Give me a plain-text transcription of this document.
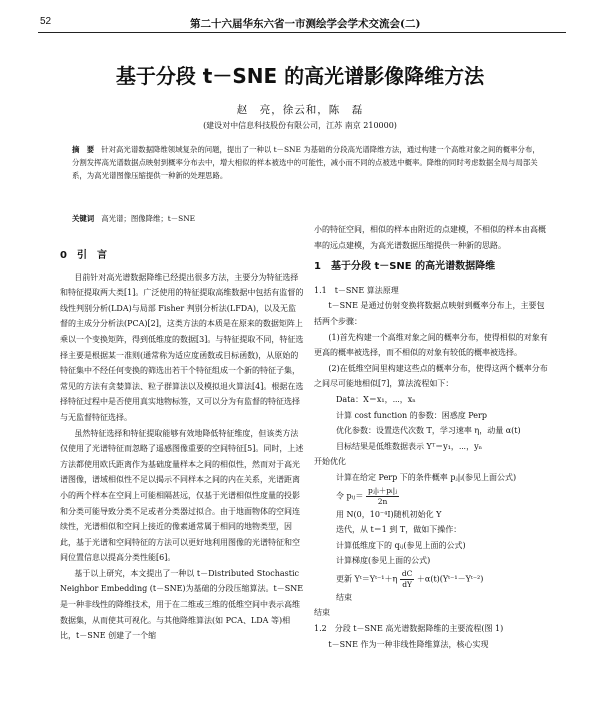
52	第二十六届华东六省一市测绘学会学术交流会(二)
基于分段 t－SNE 的高光谱影像降维方法
赵　亮，徐云和，陈　磊
(建设对中信息科技股份有限公司，江苏 南京 210000)
摘　要 针对高光谱数据降维领域复杂的问题，提出了一种以 t－SNE 为基础的分段高光谱降维方法，通过构建一个高维对象之间的概率分布，分割发挥高光谱数据点映射到概率分布去中，增大相似的样本被选中的可能性，减小而不同的点被选中概率。降维的同时考虑数据全局与局部关系，为高光谱图像压缩提供一种新的处理思路。
关键词 高光谱；图像降维；t－SNE
0　引　言

目前针对高光谱数据降维已经提出很多方法，主要分为特征选择和特征提取两大类[1]。广泛使用的特征提取高维数据中包括有监督的线性判别分析(LDA)与局部 Fisher 判别分析法(LFDA)，以及无监督的主成分分析法(PCA)[2]，这类方法的本质是在原来的数据矩阵上乘以一个变换矩阵，得到低维度的数据[3]。与特征提取不同，特征选择主要是根据某一准则(通常称为适应度函数或目标函数)，从原始的特征集中不经任何变换的筛选出若干个特征组成一个新的特征子集，常见的方法有贪婪算法、粒子群算法以及模拟退火算法[4]。根据在选择特征过程中是否使用真实地物标签，又可以分为有监督的特征选择与无监督特征选择。

虽然特征选择和特征提取能够有效地降低特征维度，但该类方法仅使用了光谱特征而忽略了遥感图像重要的空间特征[5]。同时，上述方法都使用欧氏距离作为基础度量样本之间的相似性，然而对于高光谱图像，谱域相似性不足以揭示不同样本之间的内在关系，光谱距离小的两个样本在空间上可能相隔甚远，仅基于光谱相似性度量的投影和分类可能导致分类不足或者分类器过拟合。由于地面物体的空间连续性，光谱相似和空间上接近的像素通常属于相同的地物类型，因此，基于光谱和空间特征的方法可以更好地利用图像的光谱特征和空间位置信息以提高分类性能[6]。

基于以上研究，本文提出了一种以 t－Distributed Stochastic Neighbor Embedding (t－SNE)为基础的分段压缩算法。t－SNE 是一种非线性的降维技术，用于在二维或三维的低维空间中表示高维数据集，从而使其可视化。与其他降维算法(如 PCA、LDA 等)相比，t－SNE 创建了一个缩

小的特征空间，相似的样本由附近的点建模，不相似的样本由高概率的远点建模，为高光谱数据压缩提供一种新的思路。

1　基于分段 t－SNE 的高光谱数据降维

1.1　t－SNE 算法原理

t－SNE 是通过仿射变换将数据点映射到概率分布上，主要包括两个步骤：

(1)首先构建一个高维对象之间的概率分布，使得相似的对象有更高的概率被选择，而不相似的对象有较低的概率被选择。

(2)在低维空间里构建这些点的概率分布，使得这两个概率分布之间尽可能地相似[7]，算法流程如下：

Data：X＝x₁，⋯，xₙ

计算 cost function 的参数：困惑度 Perp

优化参数：设置迭代次数 T，学习速率 η，动量 α(t)

目标结果是低维数据表示 Yᵀ＝y₁，⋯，yₙ

开始优化

计算在给定 Perp 下的条件概率 pⱼ|ᵢ(参见上面公式)

令 pᵢⱼ＝ $\frac{\text{pⱼ|ᵢ＋pᵢ|ⱼ}}{2n}$

用 N(0，10⁻⁴I)随机初始化 Y

迭代，从 t＝1 到 T，做如下操作：

计算低维度下的 qᵢⱼ(参见上面的公式)

计算梯度(参见上面的公式)

更新 Yᵗ＝Yᵗ⁻¹＋η $\frac{dC}{dY}$ ＋α(t)(Yᵗ⁻¹－Yᵗ⁻²)

结束

结束

1.2　分段 t－SNE 高光谱数据降维的主要流程(图 1)

t－SNE 作为一种非线性降维算法，核心实现
